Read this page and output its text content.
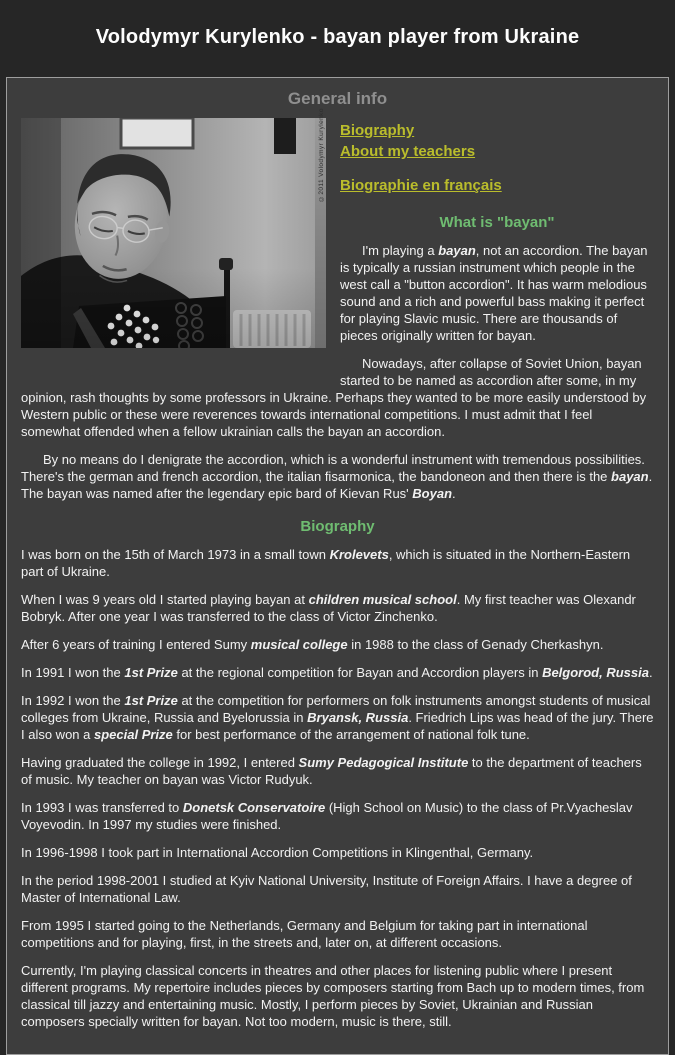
Volodymyr Kurylenko - bayan player from Ukraine
General info
©2011 Volodymyr Kurylenko	Biography
About my teachers
Biographie en français
What is "bayan"

I'm playing a bayan, not an accordion. The bayan is typically a russian instrument which people in the west call a "button accordion". It has warm melodious sound and a rich and powerful bass making it perfect for playing Slavic music. There are thousands of pieces originally written for bayan.

Nowadays, after collapse of Soviet Union, bayan started to be named as accordion after some, in my opinion, rash thoughts by some professors in Ukraine. Perhaps they wanted to be more easily understood by Western public or these were reverences towards international competitions. I must admit that I feel somewhat offended when a fellow ukrainian calls the bayan an accordion.

By no means do I denigrate the accordion, which is a wonderful instrument with tremendous possibilities. There's the german and french accordion, the italian fisarmonica, the bandoneon and then there is the bayan. The bayan was named after the legendary epic bard of Kievan Rus' Boyan.

Biography

I was born on the 15th of March 1973 in a small town Krolevets, which is situated in the Northern-Eastern part of Ukraine.

When I was 9 years old I started playing bayan at children musical school. My first teacher was Olexandr Bobryk. After one year I was transferred to the class of Victor Zinchenko.

After 6 years of training I entered Sumy musical college in 1988 to the class of Genady Cherkashyn.

In 1991 I won the 1st Prize at the regional competition for Bayan and Accordion players in Belgorod, Russia.

In 1992 I won the 1st Prize at the competition for performers on folk instruments amongst students of musical colleges from Ukraine, Russia and Byelorussia in Bryansk, Russia. Friedrich Lips was head of the jury. There I also won a special Prize for best performance of the arrangement of national folk tune.

Having graduated the college in 1992, I entered Sumy Pedagogical Institute to the department of teachers of music. My teacher on bayan was Victor Rudyuk.

In 1993 I was transferred to Donetsk Conservatoire (High School on Music) to the class of Pr.Vyacheslav Voyevodin. In 1997 my studies were finished.

In 1996-1998 I took part in International Accordion Competitions in Klingenthal, Germany.

In the period 1998-2001 I studied at Kyiv National University, Institute of Foreign Affairs. I have a degree of Master of International Law.

From 1995 I started going to the Netherlands, Germany and Belgium for taking part in international competitions and for playing, first, in the streets and, later on, at different occasions.

Currently, I'm playing classical concerts in theatres and other places for listening public where I present different programs. My repertoire includes pieces by composers starting from Bach up to modern times, from classical till jazzy and entertaining music. Mostly, I perform pieces by Soviet, Ukrainian and Russian composers specially written for bayan. Not too modern, music is there, still.
